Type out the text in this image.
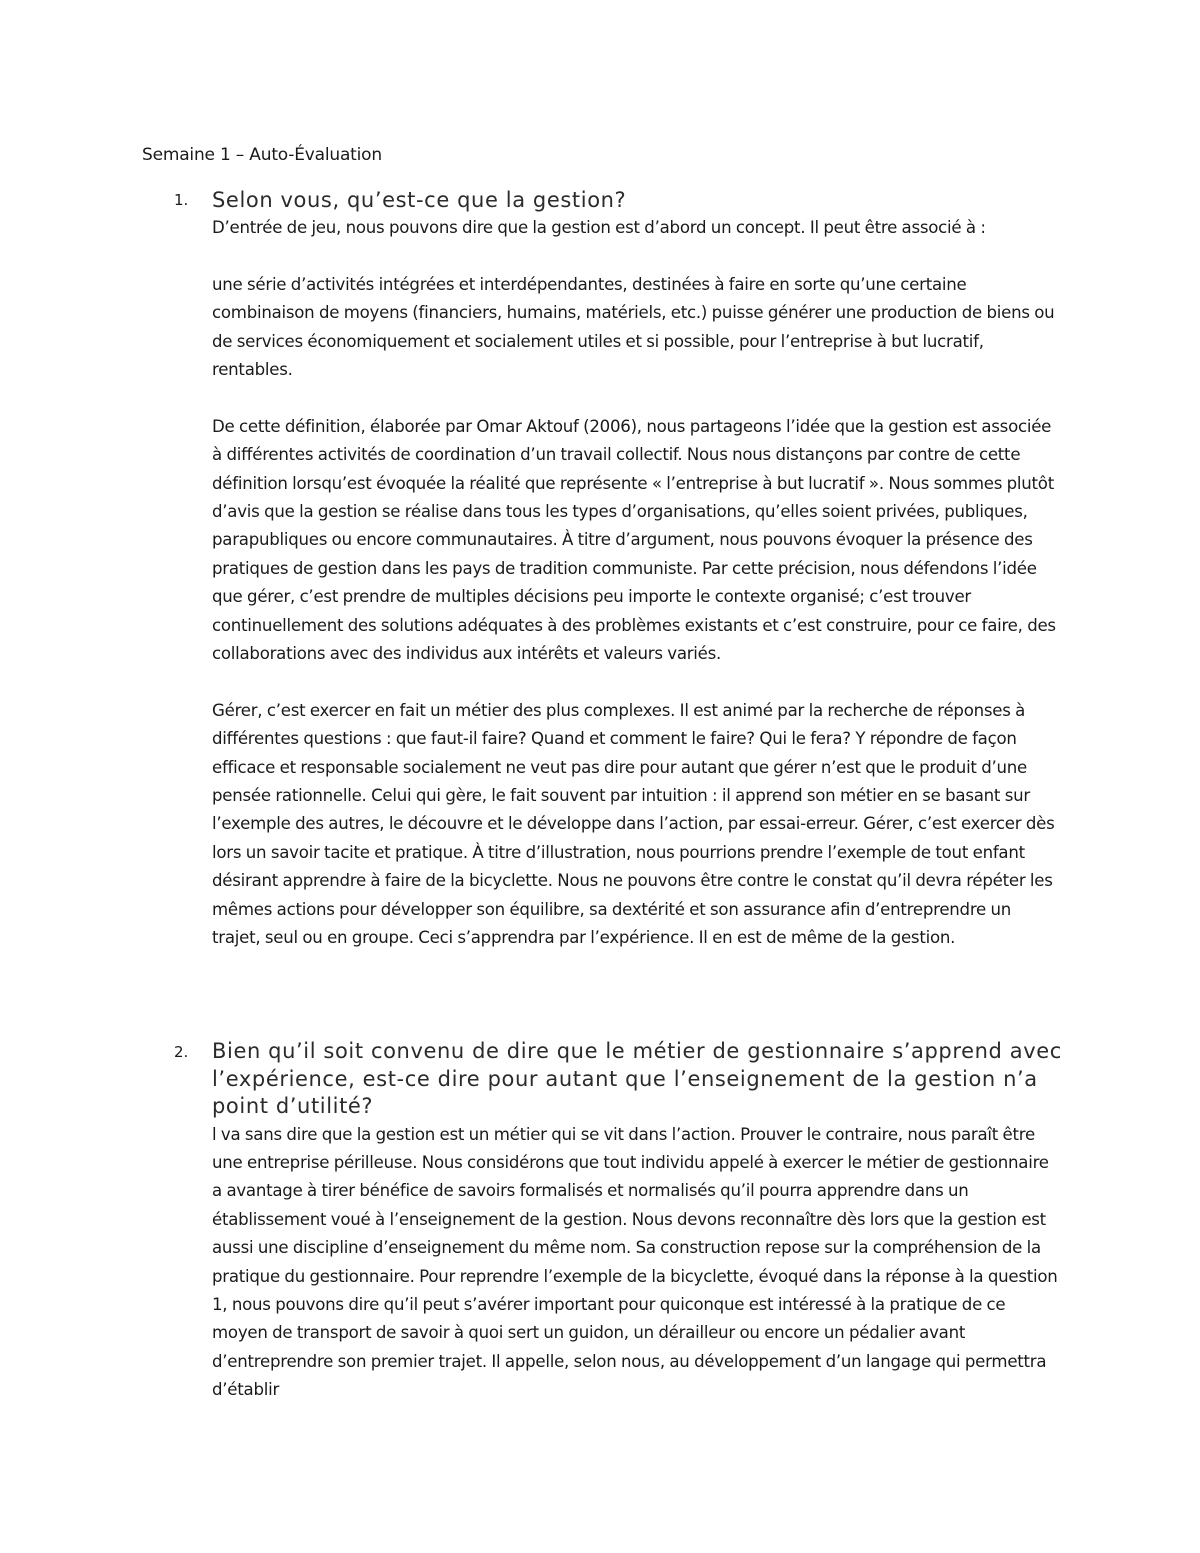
Semaine 1 – Auto-Évaluation
1. Selon vous, qu’est-ce que la gestion?

D’entrée de jeu, nous pouvons dire que la gestion est d’abord un concept. Il peut être associé à :

une série d’activités intégrées et interdépendantes, destinées à faire en sorte qu’une certaine combinaison de moyens (financiers, humains, matériels, etc.) puisse générer une production de biens ou de services économiquement et socialement utiles et si possible, pour l’entreprise à but lucratif, rentables.

De cette définition, élaborée par Omar Aktouf (2006), nous partageons l’idée que la gestion est associée à différentes activités de coordination d’un travail collectif. Nous nous distançons par contre de cette définition lorsqu’est évoquée la réalité que représente « l’entreprise à but lucratif ». Nous sommes plutôt d’avis que la gestion se réalise dans tous les types d’organisations, qu’elles soient privées, publiques, parapubliques ou encore communautaires. À titre d’argument, nous pouvons évoquer la présence des pratiques de gestion dans les pays de tradition communiste. Par cette précision, nous défendons l’idée que gérer, c’est prendre de multiples décisions peu importe le contexte organisé; c’est trouver continuellement des solutions adéquates à des problèmes existants et c’est construire, pour ce faire, des collaborations avec des individus aux intérêts et valeurs variés.

Gérer, c’est exercer en fait un métier des plus complexes. Il est animé par la recherche de réponses à différentes questions : que faut-il faire? Quand et comment le faire? Qui le fera? Y répondre de façon efficace et responsable socialement ne veut pas dire pour autant que gérer n’est que le produit d’une pensée rationnelle. Celui qui gère, le fait souvent par intuition : il apprend son métier en se basant sur l’exemple des autres, le découvre et le développe dans l’action, par essai-erreur. Gérer, c’est exercer dès lors un savoir tacite et pratique. À titre d’illustration, nous pourrions prendre l’exemple de tout enfant désirant apprendre à faire de la bicyclette. Nous ne pouvons être contre le constat qu’il devra répéter les mêmes actions pour développer son équilibre, sa dextérité et son assurance afin d’entreprendre un trajet, seul ou en groupe. Ceci s’apprendra par l’expérience. Il en est de même de la gestion.

2. Bien qu’il soit convenu de dire que le métier de gestionnaire s’apprend avec l’expérience, est-ce dire pour autant que l’enseignement de la gestion n’a point d’utilité?

l va sans dire que la gestion est un métier qui se vit dans l’action. Prouver le contraire, nous paraît être une entreprise périlleuse. Nous considérons que tout individu appelé à exercer le métier de gestionnaire a avantage à tirer bénéfice de savoirs formalisés et normalisés qu’il pourra apprendre dans un établissement voué à l’enseignement de la gestion. Nous devons reconnaître dès lors que la gestion est aussi une discipline d’enseignement du même nom. Sa construction repose sur la compréhension de la pratique du gestionnaire. Pour reprendre l’exemple de la bicyclette, évoqué dans la réponse à la question 1, nous pouvons dire qu’il peut s’avérer important pour quiconque est intéressé à la pratique de ce moyen de transport de savoir à quoi sert un guidon, un dérailleur ou encore un pédalier avant d’entreprendre son premier trajet. Il appelle, selon nous, au développement d’un langage qui permettra d’établir
